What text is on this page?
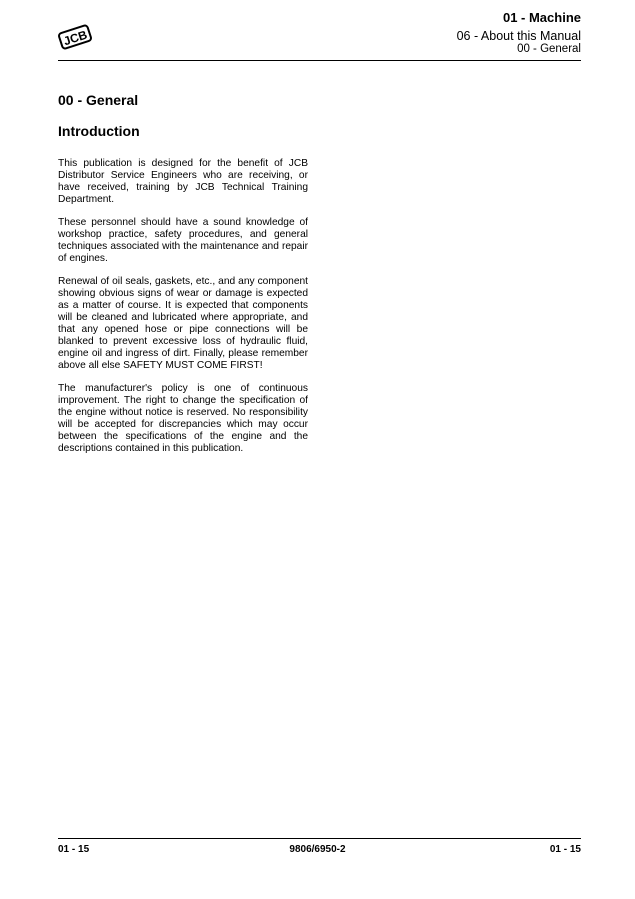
JCB
01 - Machine
06 - About this Manual
00 - General
00 - General
Introduction

This publication is designed for the benefit of JCB Distributor Service Engineers who are receiving, or have received, training by JCB Technical Training Department.

These personnel should have a sound knowledge of workshop practice, safety procedures, and general techniques associated with the maintenance and repair of engines.

Renewal of oil seals, gaskets, etc., and any component showing obvious signs of wear or damage is expected as a matter of course. It is expected that components will be cleaned and lubricated where appropriate, and that any opened hose or pipe connections will be blanked to prevent excessive loss of hydraulic fluid, engine oil and ingress of dirt. Finally, please remember above all else SAFETY MUST COME FIRST!

The manufacturer's policy is one of continuous improvement. The right to change the specification of the engine without notice is reserved. No responsibility will be accepted for discrepancies which may occur between the specifications of the engine and the descriptions contained in this publication.

01 - 15	9806/6950-2	01 - 15
